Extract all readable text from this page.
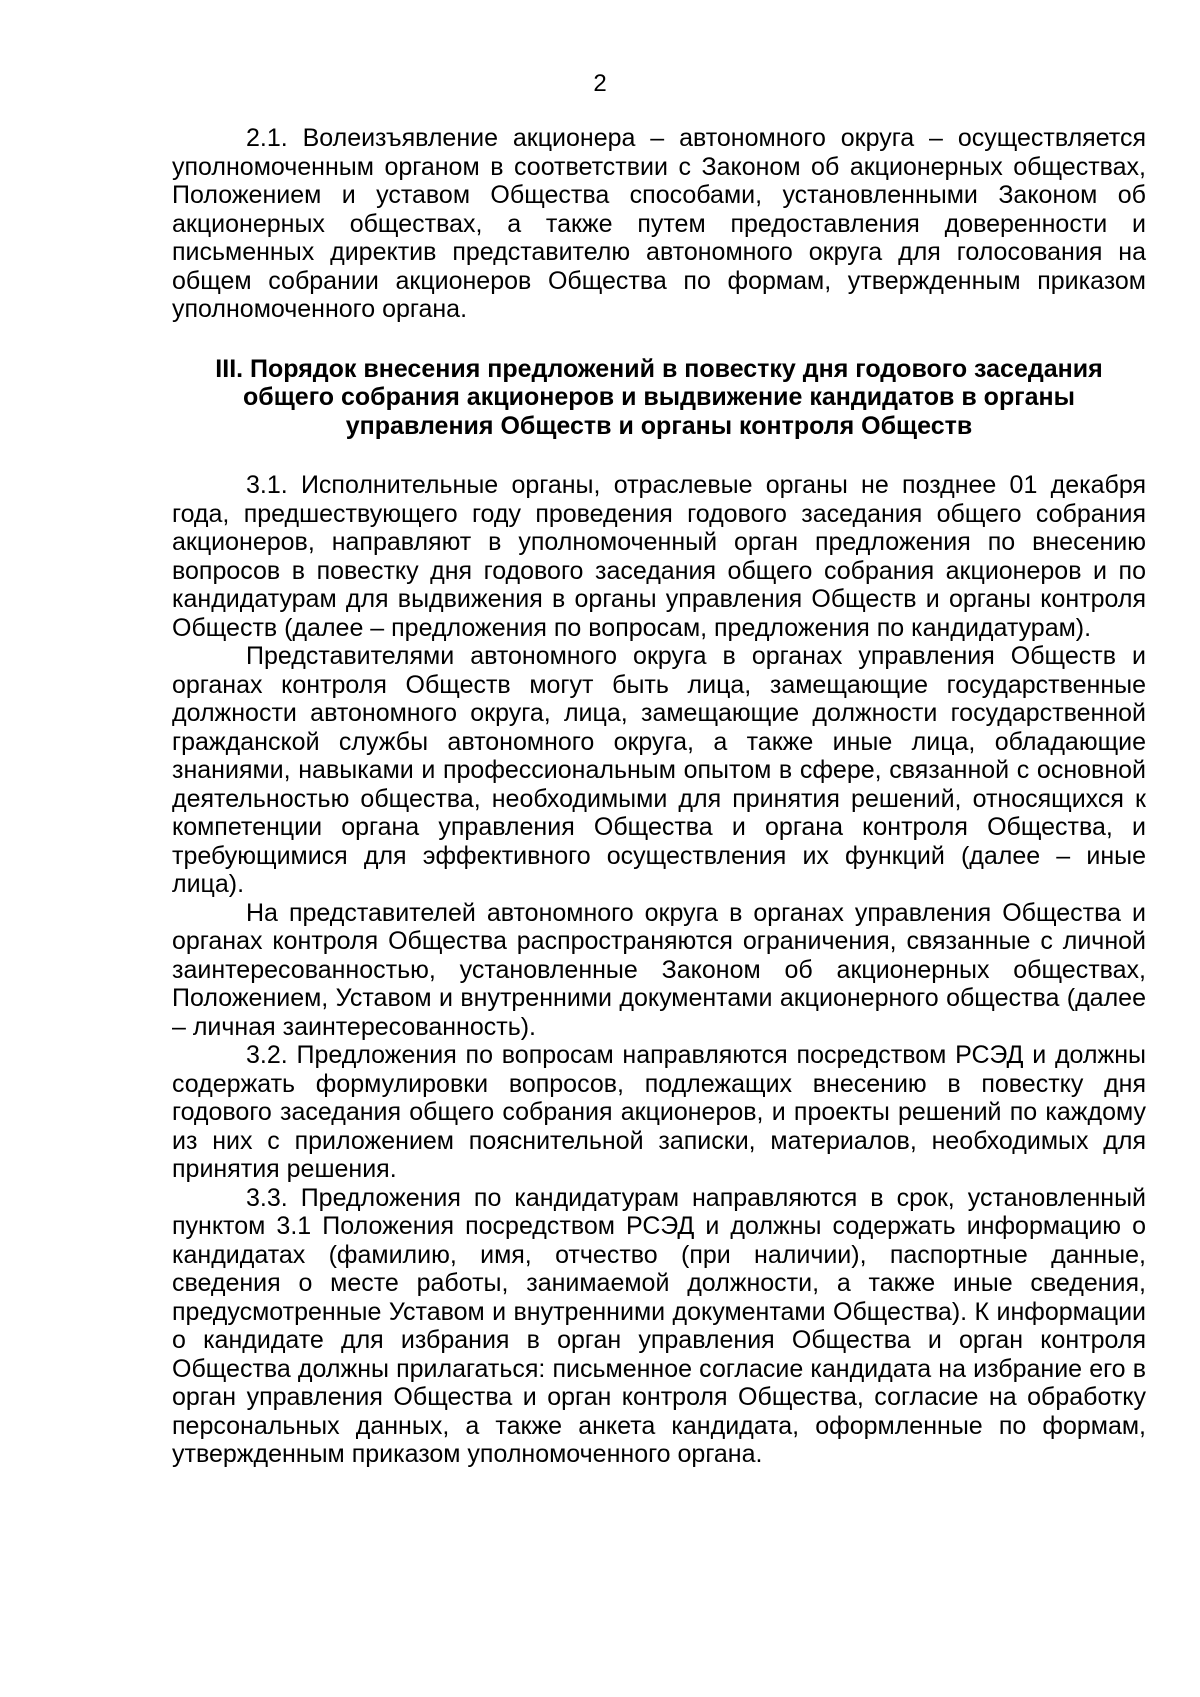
2

2.1. Волеизъявление акционера – автономного округа – осуществляется уполномоченным органом в соответствии с Законом об акционерных обществах, Положением и уставом Общества способами, установленными Законом об акционерных обществах, а также путем предоставления доверенности и письменных директив представителю автономного округа для голосования на общем собрании акционеров Общества по формам, утвержденным приказом уполномоченного органа.

III. Порядок внесения предложений в повестку дня годового заседания общего собрания акционеров и выдвижение кандидатов в органы управления Обществ и органы контроля Обществ

3.1. Исполнительные органы, отраслевые органы не позднее 01 декабря года, предшествующего году проведения годового заседания общего собрания акционеров, направляют в уполномоченный орган предложения по внесению вопросов в повестку дня годового заседания общего собрания акционеров и по кандидатурам для выдвижения в органы управления Обществ и органы контроля Обществ (далее – предложения по вопросам, предложения по кандидатурам).

Представителями автономного округа в органах управления Обществ и органах контроля Обществ могут быть лица, замещающие государственные должности автономного округа, лица, замещающие должности государственной гражданской службы автономного округа, а также иные лица, обладающие знаниями, навыками и профессиональным опытом в сфере, связанной с основной деятельностью общества, необходимыми для принятия решений, относящихся к компетенции органа управления Общества и органа контроля Общества, и требующимися для эффективного осуществления их функций (далее – иные лица).

На представителей автономного округа в органах управления Общества и органах контроля Общества распространяются ограничения, связанные с личной заинтересованностью, установленные Законом об акционерных обществах, Положением, Уставом и внутренними документами акционерного общества (далее – личная заинтересованность).

3.2. Предложения по вопросам направляются посредством РСЭД и должны содержать формулировки вопросов, подлежащих внесению в повестку дня годового заседания общего собрания акционеров, и проекты решений по каждому из них с приложением пояснительной записки, материалов, необходимых для принятия решения.

3.3. Предложения по кандидатурам направляются в срок, установленный пунктом 3.1 Положения посредством РСЭД и должны содержать информацию о кандидатах (фамилию, имя, отчество (при наличии), паспортные данные, сведения о месте работы, занимаемой должности, а также иные сведения, предусмотренные Уставом и внутренними документами Общества). К информации о кандидате для избрания в орган управления Общества и орган контроля Общества должны прилагаться: письменное согласие кандидата на избрание его в орган управления Общества и орган контроля Общества, согласие на обработку персональных данных, а также анкета кандидата, оформленные по формам, утвержденным приказом уполномоченного органа.
